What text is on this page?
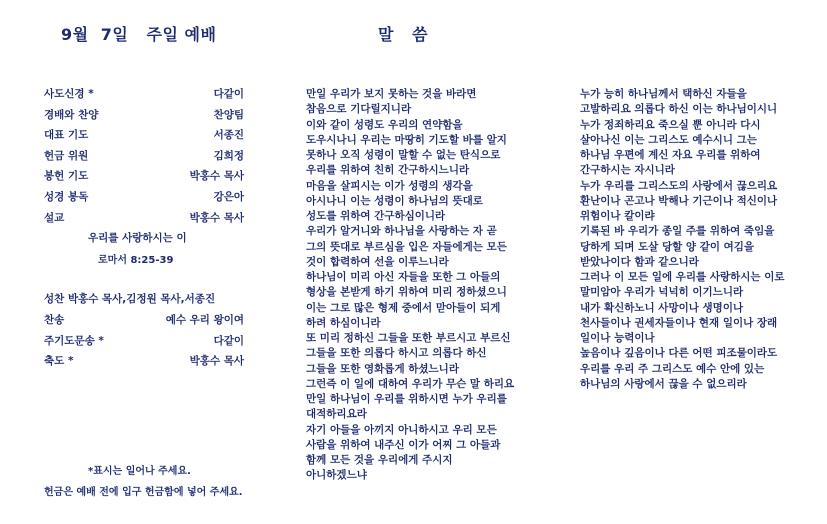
9월  7일   주일 예배	말   씀
사도신경 *	다같이
경배와 찬양	찬양팀
대표 기도	서종진
헌금 위원	김희정
봉헌 기도	박홍수 목사
성경 봉독	강은아
설교	박홍수 목사
우리를 사랑하시는 이
로마서 8:25-39
성찬 박홍수 목사,김정원 목사,서종진
찬송	예수 우리 왕이여
주기도문송 *	다같이
축도 *	박홍수 목사
*표시는 일어나 주세요.
헌금은 예배 전에 입구 헌금함에 넣어 주세요.
만일 우리가 보지 못하는 것을 바라면
참음으로 기다릴지니라
이와 같이 성령도 우리의 연약함을
도우시나니 우리는 마땅히 기도할 바를 알지
못하나 오직 성령이 말할 수 없는 탄식으로
우리를 위하여 친히 간구하시느니라
마음을 살피시는 이가 성령의 생각을
아시나니 이는 성령이 하나님의 뜻대로
성도를 위하여 간구하심이니라
우리가 알거니와 하나님을 사랑하는 자 곧
그의 뜻대로 부르심을 입은 자들에게는 모든
것이 합력하여 선을 이루느니라
하나님이 미리 아신 자들을 또한 그 아들의
형상을 본받게 하기 위하여 미리 정하셨으니
이는 그로 많은 형제 중에서 맏아들이 되게
하려 하심이니라
또 미리 정하신 그들을 또한 부르시고 부르신
그들을 또한 의롭다 하시고 의롭다 하신
그들을 또한 영화롭게 하셨느니라
그런즉 이 일에 대하여 우리가 무슨 말 하리요
만일 하나님이 우리를 위하시면 누가 우리를
대적하리요라
자기 아들을 아끼지 아니하시고 우리 모든
사람을 위하여 내주신 이가 어찌 그 아들과
함께 모든 것을 우리에게 주시지
아니하겠느냐
누가 능히 하나님께서 택하신 자들을
고발하리요 의롭다 하신 이는 하나님이시니
누가 정죄하리요 죽으실 뿐 아니라 다시
살아나신 이는 그리스도 예수시니 그는
하나님 우편에 계신 자요 우리를 위하여
간구하시는 자시니라
누가 우리를 그리스도의 사랑에서 끊으리요
환난이나 곤고나 박해나 기근이나 적신이나
위험이나 칼이랴
기록된 바 우리가 종일 주를 위하여 죽임을
당하게 되며 도살 당할 양 같이 여김을
받았나이다 함과 같으니라
그러나 이 모든 일에 우리를 사랑하시는 이로
말미암아 우리가 넉넉히 이기느니라
내가 확신하노니 사망이나 생명이나
천사들이나 권세자들이나 현재 일이나 장래
일이나 능력이나
높음이나 깊음이나 다른 어떤 피조물이라도
우리를 우리 주 그리스도 예수 안에 있는
하나님의 사랑에서 끊을 수 없으리라
